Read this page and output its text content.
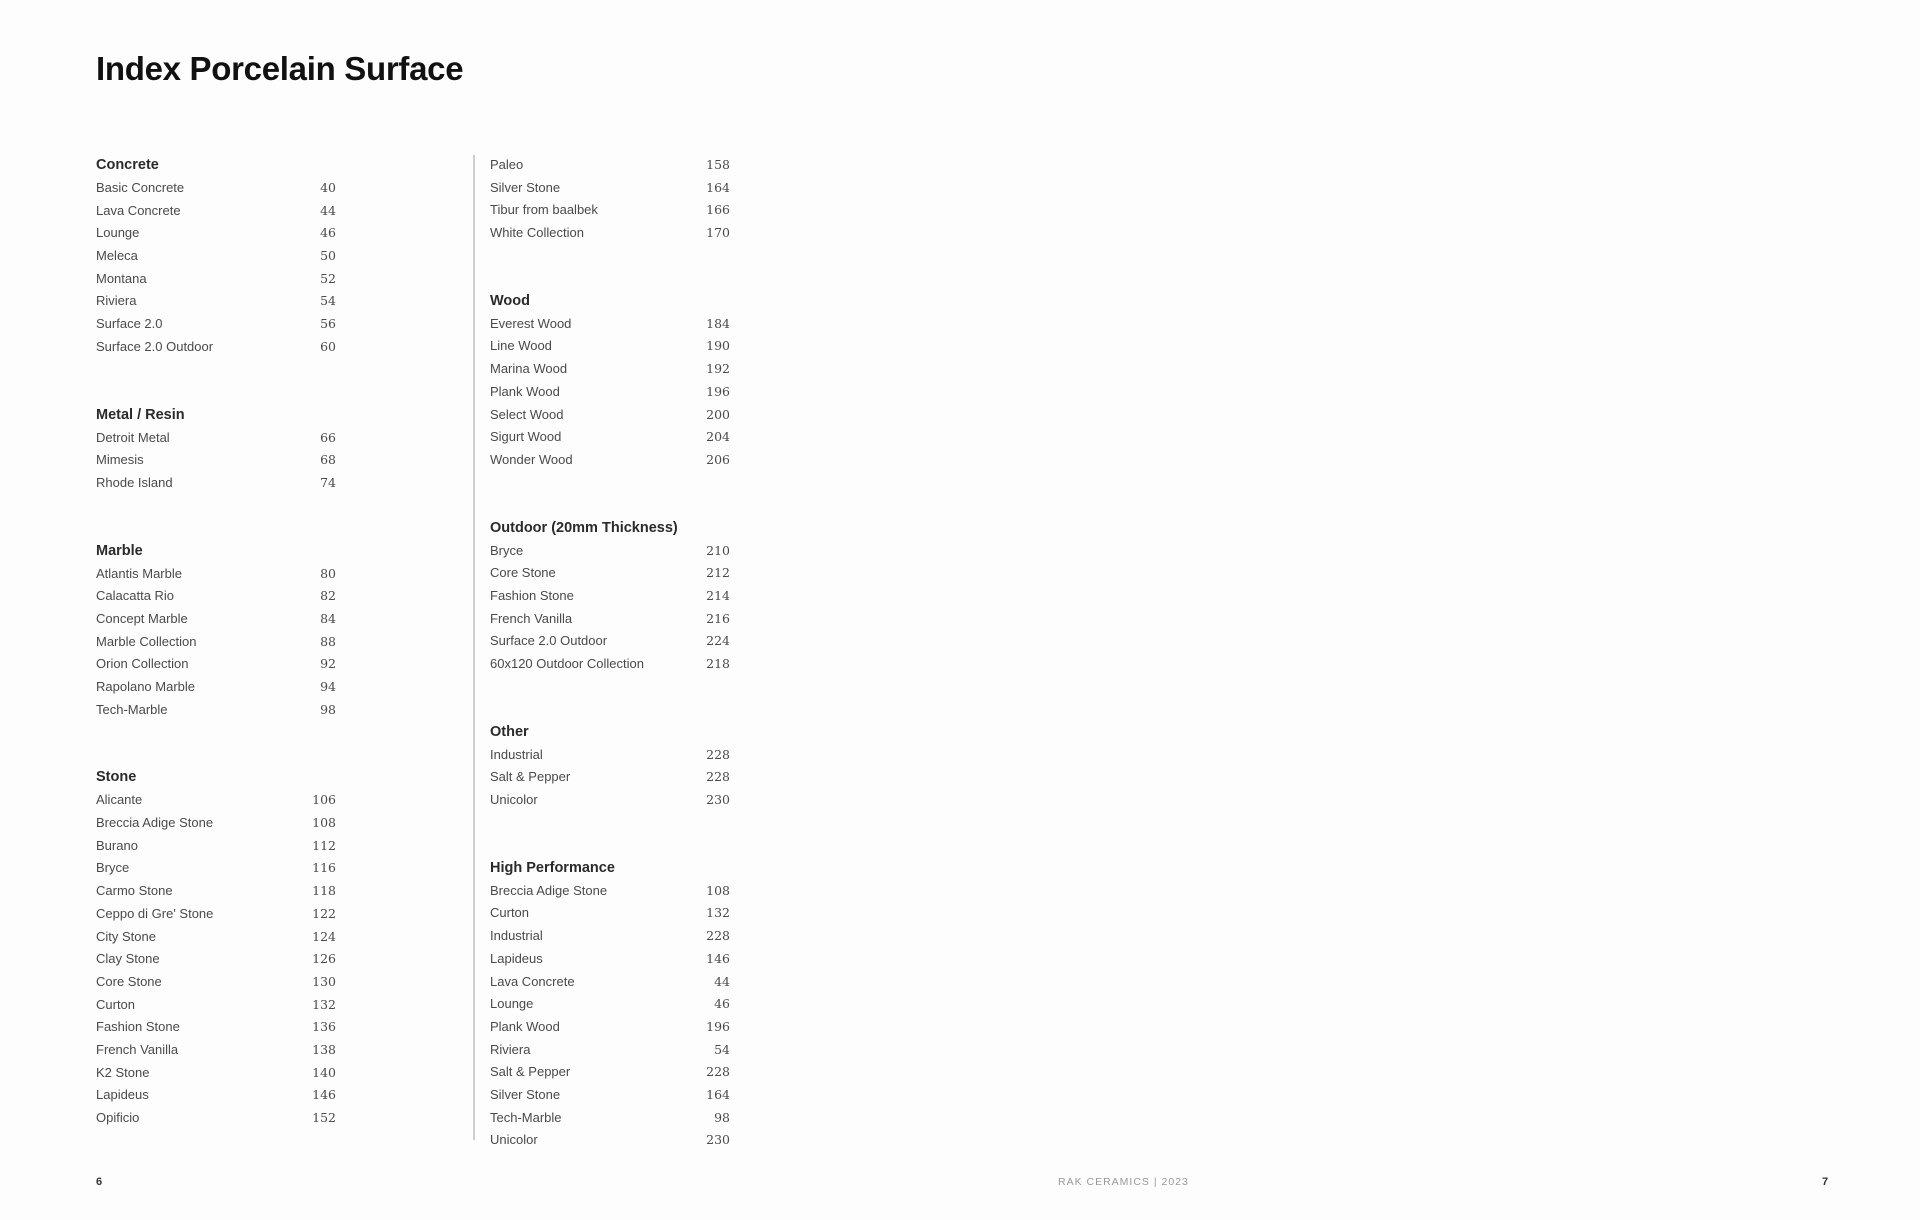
Index Porcelain Surface
Concrete
Basic Concrete	40
Lava Concrete	44
Lounge	46
Meleca	50
Montana	52
Riviera	54
Surface 2.0	56
Surface 2.0 Outdoor	60
Metal / Resin
Detroit Metal	66
Mimesis	68
Rhode Island	74
Marble
Atlantis Marble	80
Calacatta Rio	82
Concept Marble	84
Marble Collection	88
Orion Collection	92
Rapolano Marble	94
Tech-Marble	98
Stone
Alicante	106
Breccia Adige Stone	108
Burano	112
Bryce	116
Carmo Stone	118
Ceppo di Gre' Stone	122
City Stone	124
Clay Stone	126
Core Stone	130
Curton	132
Fashion Stone	136
French Vanilla	138
K2 Stone	140
Lapideus	146
Opificio	152
Paleo	158
Silver Stone	164
Tibur from baalbek	166
White Collection	170
Wood
Everest Wood	184
Line Wood	190
Marina Wood	192
Plank Wood	196
Select Wood	200
Sigurt Wood	204
Wonder Wood	206
Outdoor (20mm Thickness)
Bryce	210
Core Stone	212
Fashion Stone	214
French Vanilla	216
Surface 2.0 Outdoor	224
60x120 Outdoor Collection	218
Other
Industrial	228
Salt & Pepper	228
Unicolor	230
High Performance
Breccia Adige Stone	108
Curton	132
Industrial	228
Lapideus	146
Lava Concrete	44
Lounge	46
Plank Wood	196
Riviera	54
Salt & Pepper	228
Silver Stone	164
Tech-Marble	98
Unicolor	230
6	RAK CERAMICS | 2023	7
